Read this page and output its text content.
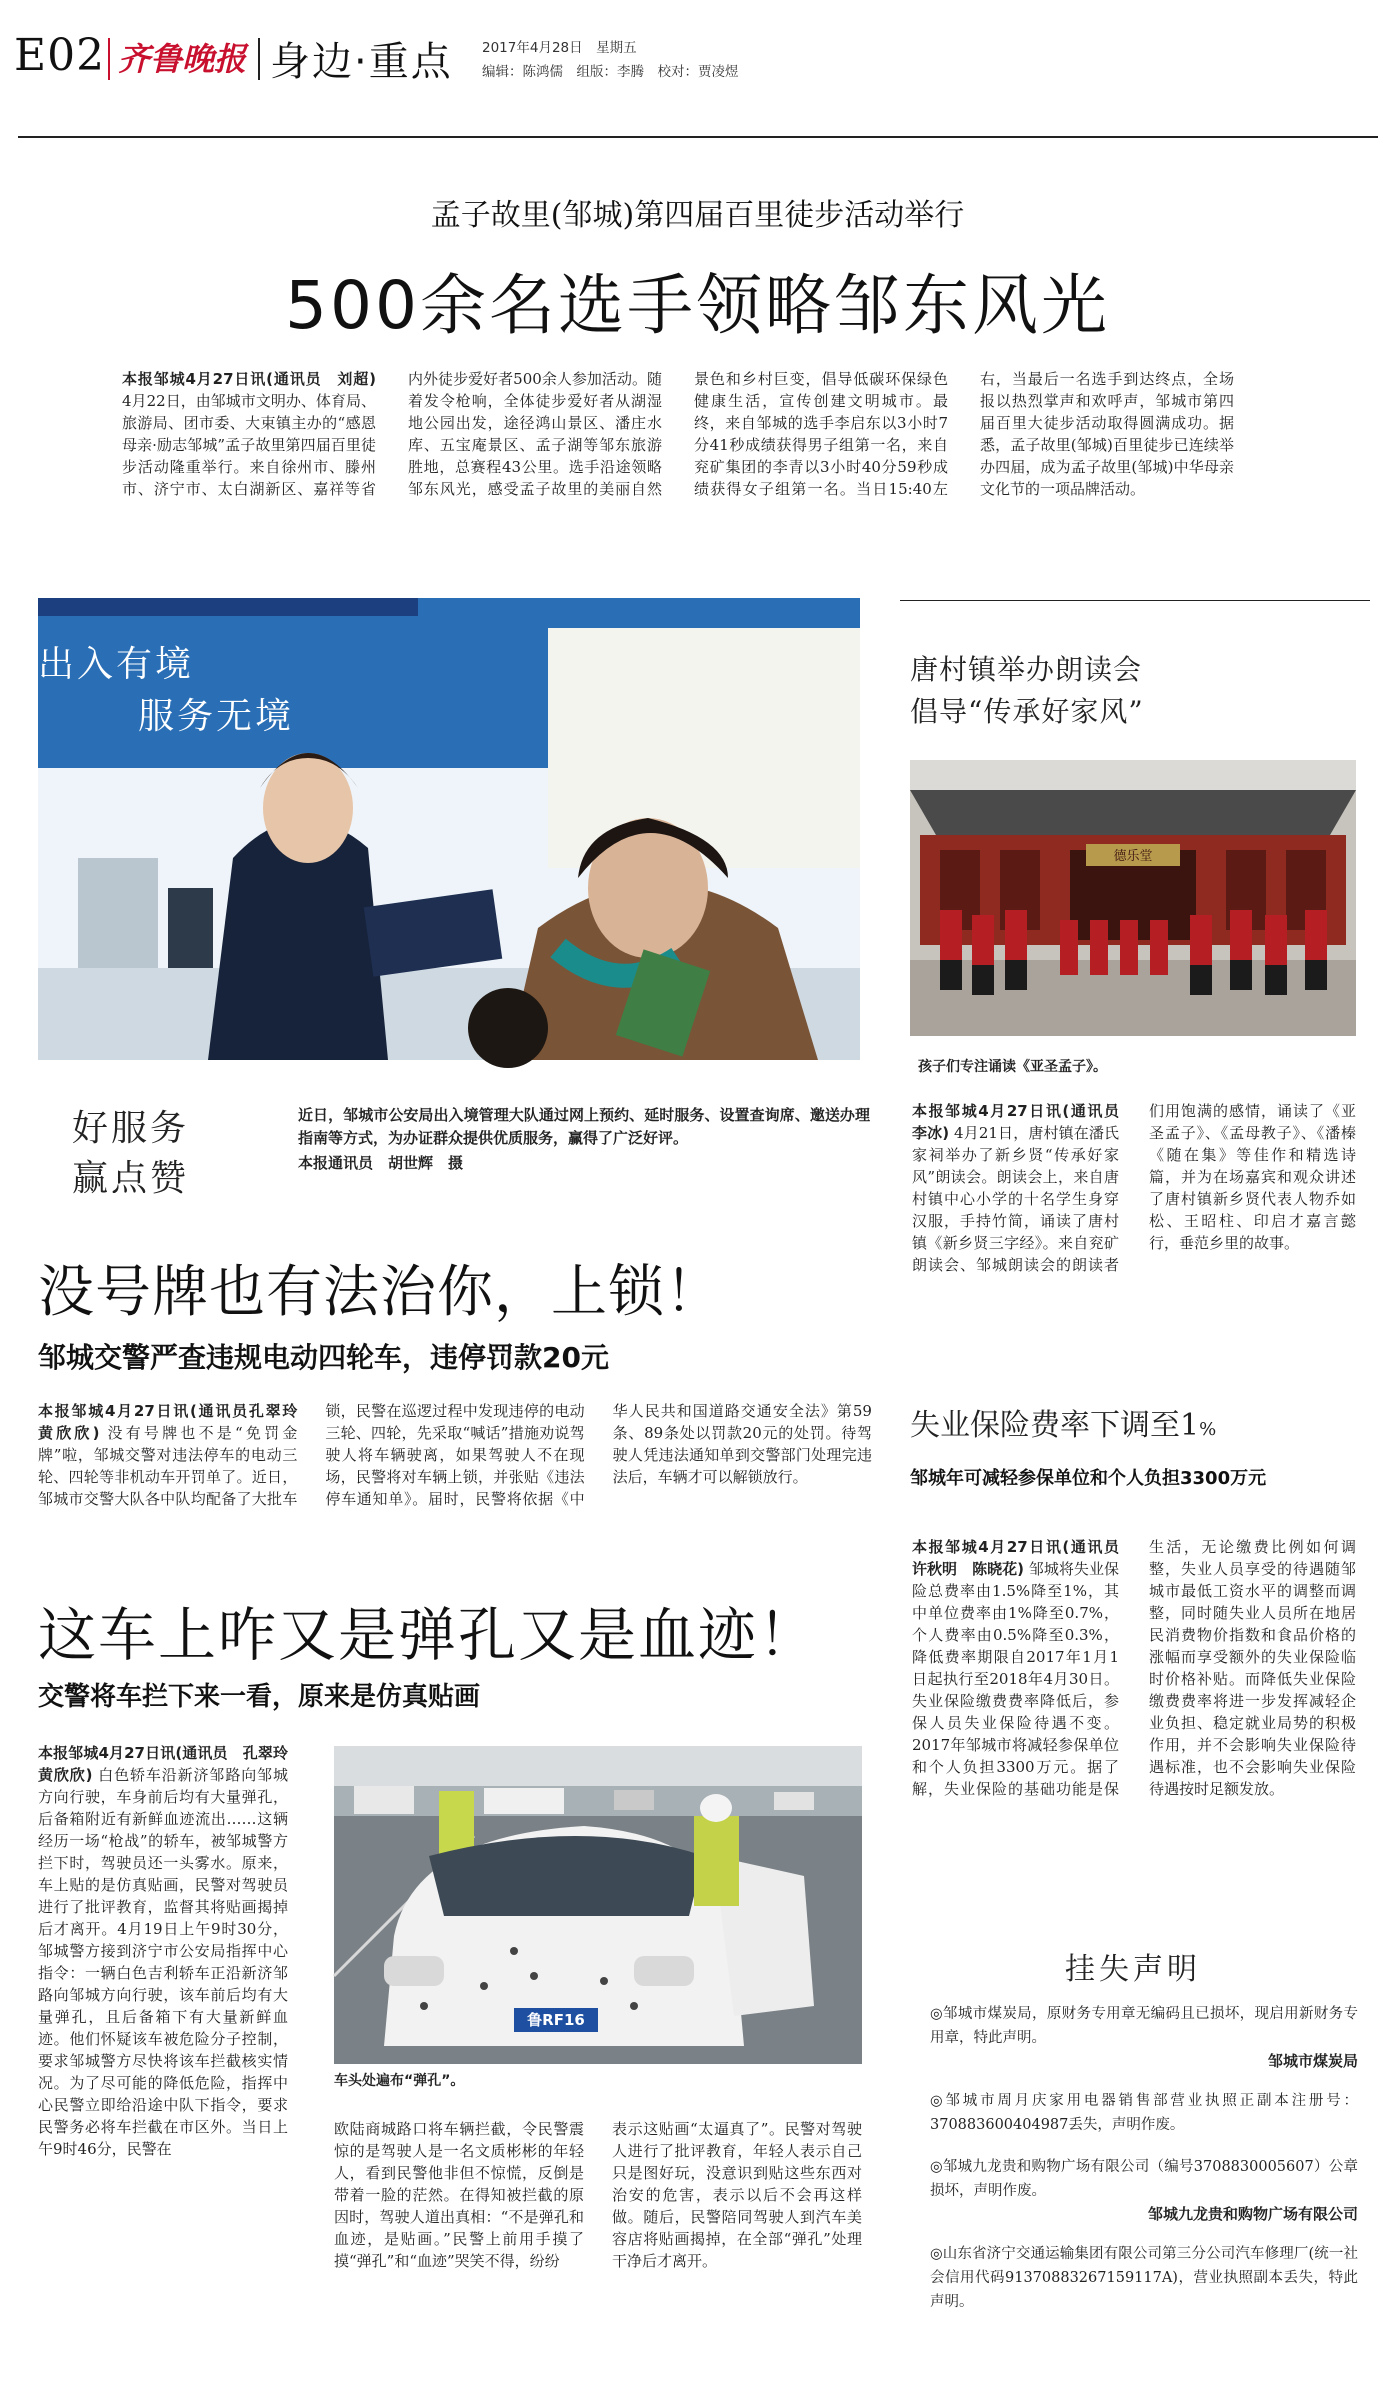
E02 齐鲁晚报 身边·重点 2017年4月28日　星期五
编辑：陈鸿儒　组版：李腾　校对：贾凌煜
孟子故里(邹城)第四届百里徒步活动举行
500余名选手领略邹东风光
本报邹城4月27日讯(通讯员　刘超) 4月22日，由邹城市文明办、体育局、旅游局、团市委、大束镇主办的“感恩母亲·励志邹城”孟子故里第四届百里徒步活动隆重举行。来自徐州市、滕州市、济宁市、太白湖新区、嘉祥等省内外徒步爱好者500余人参加活动。随着发令枪响，全体徒步爱好者从湖湿地公园出发，途径鸿山景区、潘庄水库、五宝庵景区、孟子湖等邹东旅游胜地，总赛程43公里。选手沿途领略邹东风光，感受孟子故里的美丽自然景色和乡村巨变，倡导低碳环保绿色健康生活，宣传创建文明城市。最终，来自邹城的选手李启东以3小时7分41秒成绩获得男子组第一名，来自兖矿集团的李青以3小时40分59秒成绩获得女子组第一名。当日15:40左右，当最后一名选手到达终点，全场报以热烈掌声和欢呼声，邹城市第四届百里大徒步活动取得圆满成功。据悉，孟子故里(邹城)百里徒步已连续举办四届，成为孟子故里(邹城)中华母亲文化节的一项品牌活动。
出入有境
服务无境
好服务
赢点赞
近日，邹城市公安局出入境管理大队通过网上预约、延时服务、设置查询席、邀送办理指南等方式，为办证群众提供优质服务，赢得了广泛好评。
本报通讯员　胡世辉　摄
没号牌也有法治你，上锁！
邹城交警严查违规电动四轮车，违停罚款20元
本报邹城4月27日讯(通讯员孔翠玲　黄欣欣) 没有号牌也不是“免罚金牌”啦，邹城交警对违法停车的电动三轮、四轮等非机动车开罚单了。近日，邹城市交警大队各中队均配备了大批车锁，民警在巡逻过程中发现违停的电动三轮、四轮，先采取“喊话”措施劝说驾驶人将车辆驶离，如果驾驶人不在现场，民警将对车辆上锁，并张贴《违法停车通知单》。届时，民警将依据《中华人民共和国道路交通安全法》第59条、89条处以罚款20元的处罚。待驾驶人凭违法通知单到交警部门处理完违法后，车辆才可以解锁放行。
这车上咋又是弹孔又是血迹！
交警将车拦下来一看，原来是仿真贴画
本报邹城4月27日讯(通讯员　孔翠玲　黄欣欣) 白色轿车沿新济邹路向邹城方向行驶，车身前后均有大量弹孔，后备箱附近有新鲜血迹流出……这辆经历一场“枪战”的轿车，被邹城警方拦下时，驾驶员还一头雾水。原来，车上贴的是仿真贴画，民警对驾驶员进行了批评教育，监督其将贴画揭掉后才离开。4月19日上午9时30分，邹城警方接到济宁市公安局指挥中心指令：一辆白色吉利轿车正沿新济邹路向邹城方向行驶，该车前后均有大量弹孔，且后备箱下有大量新鲜血迹。他们怀疑该车被危险分子控制，要求邹城警方尽快将该车拦截核实情况。为了尽可能的降低危险，指挥中心民警立即给沿途中队下指令，要求民警务必将车拦截在市区外。当日上午9时46分，民警在
鲁RF16
车头处遍布“弹孔”。
欧陆商城路口将车辆拦截，令民警震惊的是驾驶人是一名文质彬彬的年轻人，看到民警他非但不惊慌，反倒是带着一脸的茫然。在得知被拦截的原因时，驾驶人道出真相：“不是弹孔和血迹，是贴画。”民警上前用手摸了摸“弹孔”和“血迹”哭笑不得，纷纷
表示这贴画“太逼真了”。民警对驾驶人进行了批评教育，年轻人表示自己只是图好玩，没意识到贴这些东西对治安的危害，表示以后不会再这样做。随后，民警陪同驾驶人到汽车美容店将贴画揭掉，在全部“弹孔”处理干净后才离开。
唐村镇举办朗读会
倡导“传承好家风”
德乐堂
孩子们专注诵读《亚圣孟子》。
本报邹城4月27日讯(通讯员　李冰) 4月21日，唐村镇在潘氏家祠举办了新乡贤“传承好家风”朗读会。朗读会上，来自唐村镇中心小学的十名学生身穿汉服，手持竹简，诵读了唐村镇《新乡贤三字经》。来自兖矿朗读会、邹城朗读会的朗读者们用饱满的感情，诵读了《亚圣孟子》、《孟母教子》、《潘榛《随在集》等佳作和精选诗篇，并为在场嘉宾和观众讲述了唐村镇新乡贤代表人物乔如松、王昭柱、印启才嘉言懿行，垂范乡里的故事。
失业保险费率下调至1%
邹城年可减轻参保单位和个人负担3300万元
本报邹城4月27日讯(通讯员　许秋明　陈晓花) 邹城将失业保险总费率由1.5%降至1%，其中单位费率由1%降至0.7%，个人费率由0.5%降至0.3%，降低费率期限自2017年1月1日起执行至2018年4月30日。失业保险缴费费率降低后，参保人员失业保险待遇不变。2017年邹城市将减轻参保单位和个人负担3300万元。据了解，失业保险的基础功能是保生活，无论缴费比例如何调整，失业人员享受的待遇随邹城市最低工资水平的调整而调整，同时随失业人员所在地居民消费物价指数和食品价格的涨幅而享受额外的失业保险临时价格补贴。而降低失业保险缴费费率将进一步发挥减轻企业负担、稳定就业局势的积极作用，并不会影响失业保险待遇标准，也不会影响失业保险待遇按时足额发放。
挂失声明
◎邹城市煤炭局，原财务专用章无编码且已损坏，现启用新财务专用章，特此声明。
邹城市煤炭局
◎邹城市周月庆家用电器销售部营业执照正副本注册号：370883600404987丢失，声明作废。
◎邹城九龙贵和购物广场有限公司（编号3708830005607）公章损坏，声明作废。
邹城九龙贵和购物广场有限公司
◎山东省济宁交通运输集团有限公司第三分公司汽车修理厂(统一社会信用代码91370883267159117A)，营业执照副本丢失，特此声明。
